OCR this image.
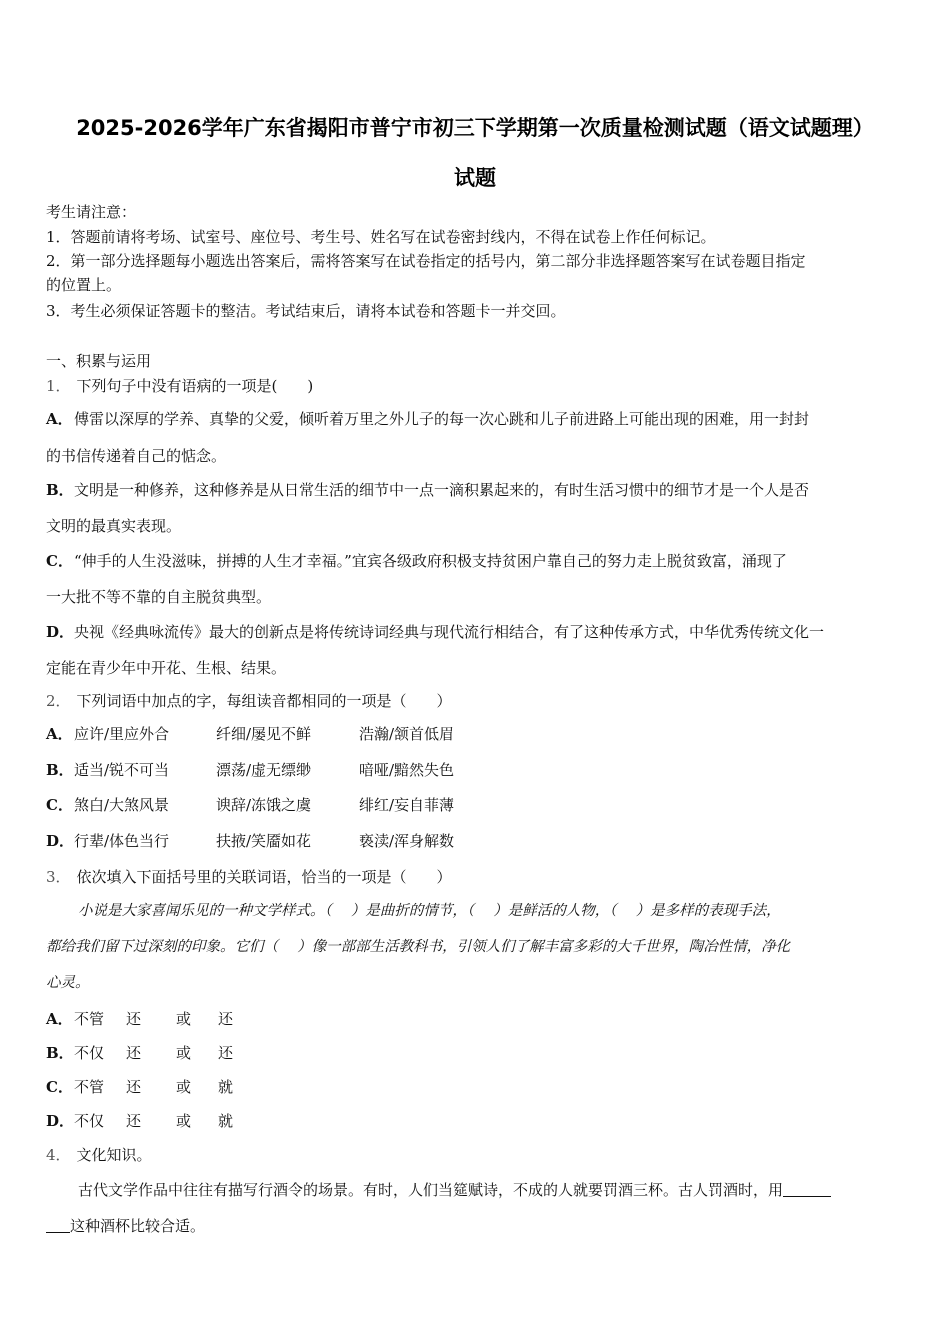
2025-2026学年广东省揭阳市普宁市初三下学期第一次质量检测试题（语文试题理）
试题
考生请注意：
1．答题前请将考场、试室号、座位号、考生号、姓名写在试卷密封线内，不得在试卷上作任何标记。
2．第一部分选择题每小题选出答案后，需将答案写在试卷指定的括号内，第二部分非选择题答案写在试卷题目指定
的位置上。
3．考生必须保证答题卡的整洁。考试结束后，请将本试卷和答题卡一并交回。
一、积累与运用
1． 下列句子中没有语病的一项是(　　)
A．傅雷以深厚的学养、真挚的父爱，倾听着万里之外儿子的每一次心跳和儿子前进路上可能出现的困难，用一封封
的书信传递着自己的惦念。
B．文明是一种修养，这种修养是从日常生活的细节中一点一滴积累起来的，有时生活习惯中的细节才是一个人是否
文明的最真实表现。
C．“伸手的人生没滋味，拼搏的人生才幸福。”宜宾各级政府积极支持贫困户靠自己的努力走上脱贫致富，涌现了
一大批不等不靠的自主脱贫典型。
D．央视《经典咏流传》最大的创新点是将传统诗词经典与现代流行相结合，有了这种传承方式，中华优秀传统文化一
定能在青少年中开花、生根、结果。
2． 下列词语中加点的字，每组读音都相同的一项是（　　）
A．应许/里应外合	纤细/屡见不鲜	浩瀚/颔首低眉
B．适当/锐不可当	漂荡/虚无缥缈	喑哑/黯然失色
C．煞白/大煞风景	谀辞/冻饿之虞	绯红/妄自菲薄
D．行辈/体色当行	扶掖/笑靥如花	亵渎/浑身解数
3． 依次填入下面括号里的关联词语，恰当的一项是（　　）
小说是大家喜闻乐见的一种文学样式。（　 ）是曲折的情节，（　 ）是鲜活的人物，（　 ）是多样的表现手法，
都给我们留下过深刻的印象。它们（　 ）像一部部生活教科书，引领人们了解丰富多彩的大千世界，陶冶性情，净化
心灵。
A．不管 还 或 还
B．不仅 还 或 还
C．不管 还 或 就
D．不仅 还 或 就
4． 文化知识。
古代文学作品中往往有描写行酒令的场景。有时，人们当筵赋诗，不成的人就要罚酒三杯。古人罚酒时，用
这种酒杯比较合适。
